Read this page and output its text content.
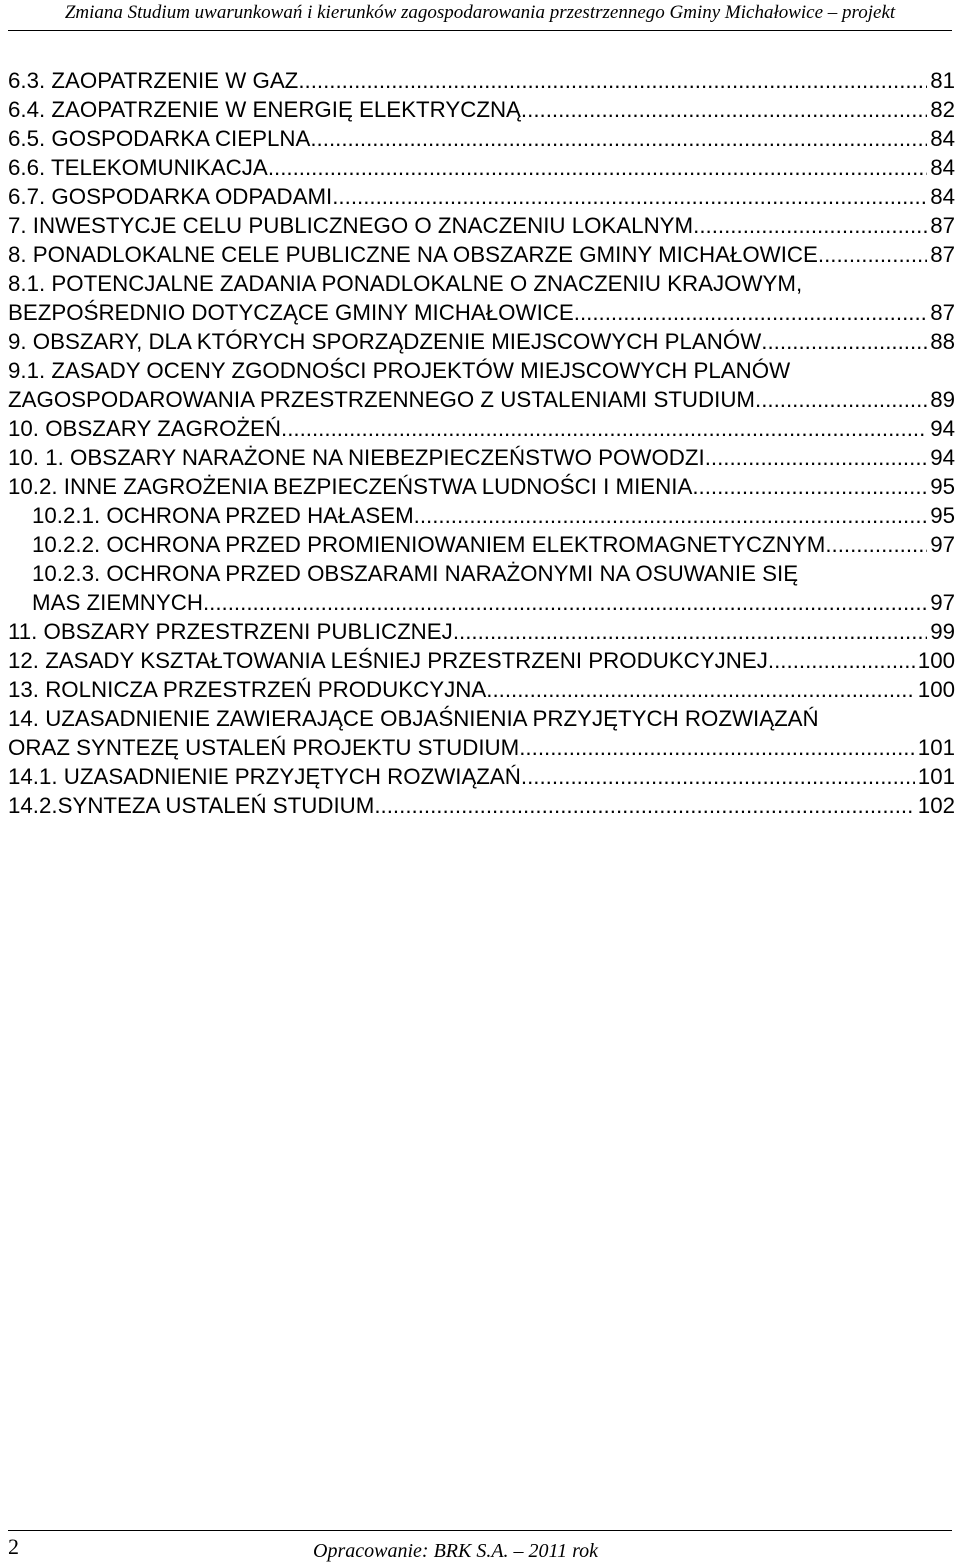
Zmiana Studium uwarunkowań i kierunków zagospodarowania przestrzennego Gminy Michałowice – projekt
6.3. ZAOPATRZENIE W GAZ .....	81
6.4. ZAOPATRZENIE W ENERGIĘ ELEKTRYCZNĄ. .....	82
6.5. GOSPODARKA CIEPLNA .....	84
6.6. TELEKOMUNIKACJA .....	84
6.7. GOSPODARKA ODPADAMI .....	84
7. INWESTYCJE CELU PUBLICZNEGO O ZNACZENIU LOKALNYM .....	87
8. PONADLOKALNE CELE PUBLICZNE NA OBSZARZE GMINY MICHAŁOWICE .....	87
8.1. POTENCJALNE ZADANIA PONADLOKALNE O ZNACZENIU KRAJOWYM,
BEZPOŚREDNIO DOTYCZĄCE GMINY MICHAŁOWICE .....	87
9. OBSZARY, DLA KTÓRYCH SPORZĄDZENIE MIEJSCOWYCH PLANÓW .....	88
9.1. ZASADY OCENY ZGODNOŚCI PROJEKTÓW MIEJSCOWYCH PLANÓW
ZAGOSPODAROWANIA PRZESTRZENNEGO Z USTALENIAMI STUDIUM .....	89
10. OBSZARY ZAGROŻEŃ .....	94
10. 1. OBSZARY NARAŻONE NA NIEBEZPIECZEŃSTWO POWODZI .....	94
10.2. INNE ZAGROŻENIA BEZPIECZEŃSTWA LUDNOŚCI I MIENIA .....	95
10.2.1. OCHRONA PRZED HAŁASEM .....	95
10.2.2. OCHRONA PRZED PROMIENIOWANIEM ELEKTROMAGNETYCZNYM .....	97
10.2.3. OCHRONA PRZED OBSZARAMI NARAŻONYMI NA OSUWANIE SIĘ
MAS ZIEMNYCH .....	97
11. OBSZARY PRZESTRZENI PUBLICZNEJ .....	99
12. ZASADY KSZTAŁTOWANIA LEŚNIEJ PRZESTRZENI PRODUKCYJNEJ .....	100
13. ROLNICZA PRZESTRZEŃ PRODUKCYJNA. .....	100
14. UZASADNIENIE ZAWIERAJĄCE OBJAŚNIENIA PRZYJĘTYCH ROZWIĄZAŃ
ORAZ SYNTEZĘ USTALEŃ PROJEKTU STUDIUM .....	101
14.1. UZASADNIENIE PRZYJĘTYCH ROZWIĄZAŃ .....	101
14.2.SYNTEZA USTALEŃ STUDIUM .....	102
2	Opracowanie: BRK S.A. – 2011 rok
